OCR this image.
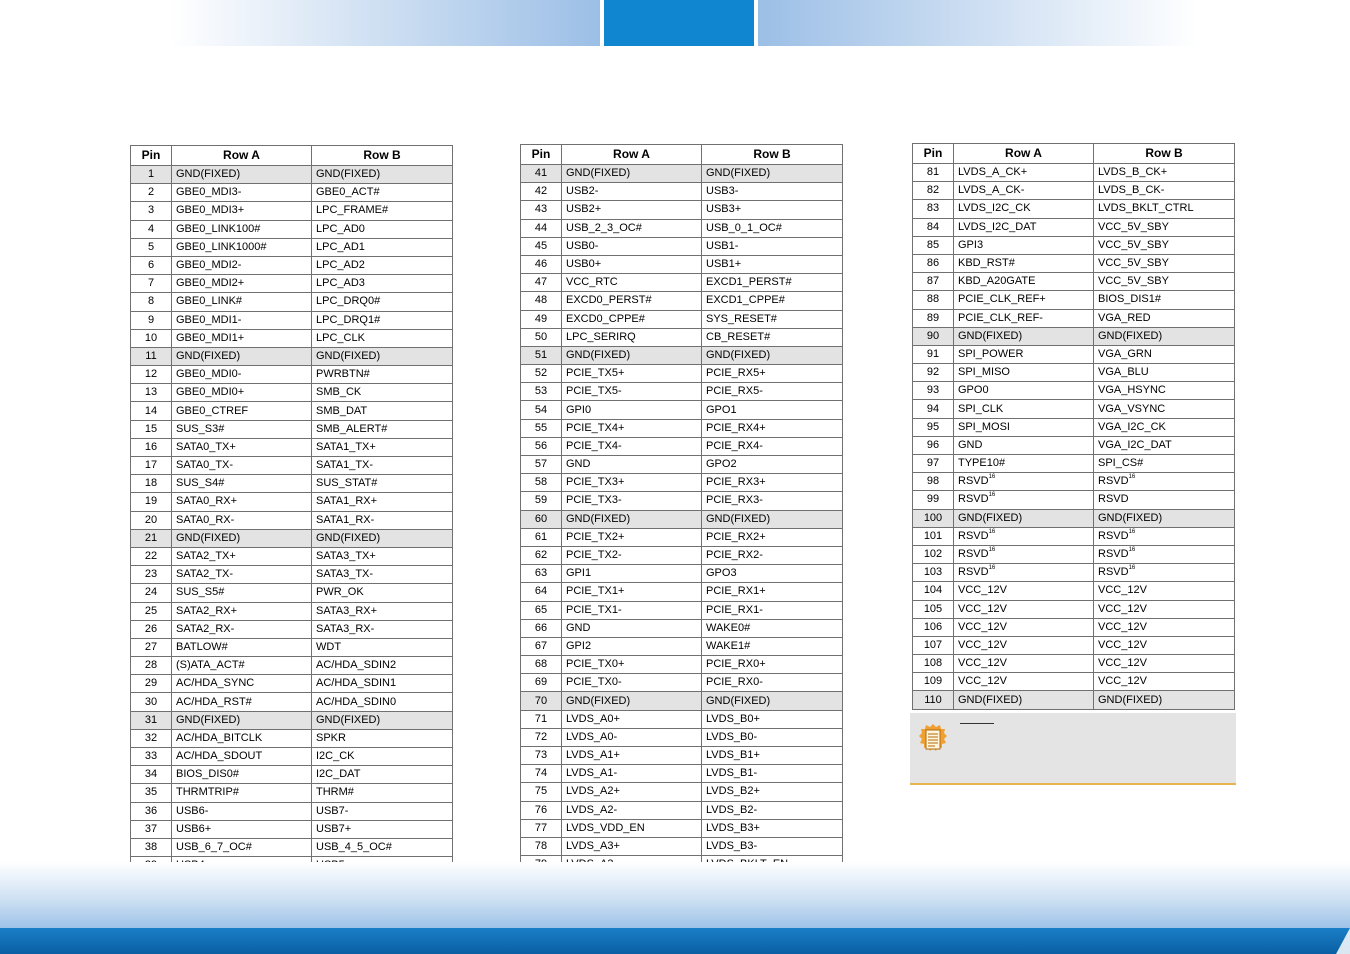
Pin	Row A	Row B
1	GND(FIXED)	GND(FIXED)
2	GBE0_MDI3-	GBE0_ACT#
3	GBE0_MDI3+	LPC_FRAME#
4	GBE0_LINK100#	LPC_AD0
5	GBE0_LINK1000#	LPC_AD1
6	GBE0_MDI2-	LPC_AD2
7	GBE0_MDI2+	LPC_AD3
8	GBE0_LINK#	LPC_DRQ0#
9	GBE0_MDI1-	LPC_DRQ1#
10	GBE0_MDI1+	LPC_CLK
11	GND(FIXED)	GND(FIXED)
12	GBE0_MDI0-	PWRBTN#
13	GBE0_MDI0+	SMB_CK
14	GBE0_CTREF	SMB_DAT
15	SUS_S3#	SMB_ALERT#
16	SATA0_TX+	SATA1_TX+
17	SATA0_TX-	SATA1_TX-
18	SUS_S4#	SUS_STAT#
19	SATA0_RX+	SATA1_RX+
20	SATA0_RX-	SATA1_RX-
21	GND(FIXED)	GND(FIXED)
22	SATA2_TX+	SATA3_TX+
23	SATA2_TX-	SATA3_TX-
24	SUS_S5#	PWR_OK
25	SATA2_RX+	SATA3_RX+
26	SATA2_RX-	SATA3_RX-
27	BATLOW#	WDT
28	(S)ATA_ACT#	AC/HDA_SDIN2
29	AC/HDA_SYNC	AC/HDA_SDIN1
30	AC/HDA_RST#	AC/HDA_SDIN0
31	GND(FIXED)	GND(FIXED)
32	AC/HDA_BITCLK	SPKR
33	AC/HDA_SDOUT	I2C_CK
34	BIOS_DIS0#	I2C_DAT
35	THRMTRIP#	THRM#
36	USB6-	USB7-
37	USB6+	USB7+
38	USB_6_7_OC#	USB_4_5_OC#

Pin	Row A	Row B
41	GND(FIXED)	GND(FIXED)
42	USB2-	USB3-
43	USB2+	USB3+
44	USB_2_3_OC#	USB_0_1_OC#
45	USB0-	USB1-
46	USB0+	USB1+
47	VCC_RTC	EXCD1_PERST#
48	EXCD0_PERST#	EXCD1_CPPE#
49	EXCD0_CPPE#	SYS_RESET#
50	LPC_SERIRQ	CB_RESET#
51	GND(FIXED)	GND(FIXED)
52	PCIE_TX5+	PCIE_RX5+
53	PCIE_TX5-	PCIE_RX5-
54	GPI0	GPO1
55	PCIE_TX4+	PCIE_RX4+
56	PCIE_TX4-	PCIE_RX4-
57	GND	GPO2
58	PCIE_TX3+	PCIE_RX3+
59	PCIE_TX3-	PCIE_RX3-
60	GND(FIXED)	GND(FIXED)
61	PCIE_TX2+	PCIE_RX2+
62	PCIE_TX2-	PCIE_RX2-
63	GPI1	GPO3
64	PCIE_TX1+	PCIE_RX1+
65	PCIE_TX1-	PCIE_RX1-
66	GND	WAKE0#
67	GPI2	WAKE1#
68	PCIE_TX0+	PCIE_RX0+
69	PCIE_TX0-	PCIE_RX0-
70	GND(FIXED)	GND(FIXED)
71	LVDS_A0+	LVDS_B0+
72	LVDS_A0-	LVDS_B0-
73	LVDS_A1+	LVDS_B1+
74	LVDS_A1-	LVDS_B1-
75	LVDS_A2+	LVDS_B2+
76	LVDS_A2-	LVDS_B2-
77	LVDS_VDD_EN	LVDS_B3+
78	LVDS_A3+	LVDS_B3-

Pin	Row A	Row B
81	LVDS_A_CK+	LVDS_B_CK+
82	LVDS_A_CK-	LVDS_B_CK-
83	LVDS_I2C_CK	LVDS_BKLT_CTRL
84	LVDS_I2C_DAT	VCC_5V_SBY
85	GPI3	VCC_5V_SBY
86	KBD_RST#	VCC_5V_SBY
87	KBD_A20GATE	VCC_5V_SBY
88	PCIE_CLK_REF+	BIOS_DIS1#
89	PCIE_CLK_REF-	VGA_RED
90	GND(FIXED)	GND(FIXED)
91	SPI_POWER	VGA_GRN
92	SPI_MISO	VGA_BLU
93	GPO0	VGA_HSYNC
94	SPI_CLK	VGA_VSYNC
95	SPI_MOSI	VGA_I2C_CK
96	GND	VGA_I2C_DAT
97	TYPE10#	SPI_CS#
98	RSVD$^{16}$	RSVD$^{16}$
99	RSVD$^{16}$	RSVD
100	GND(FIXED)	GND(FIXED)
101	RSVD$^{16}$	RSVD$^{16}$
102	RSVD$^{16}$	RSVD$^{16}$
103	RSVD$^{16}$	RSVD$^{16}$
104	VCC_12V	VCC_12V
105	VCC_12V	VCC_12V
106	VCC_12V	VCC_12V
107	VCC_12V	VCC_12V
108	VCC_12V	VCC_12V
109	VCC_12V	VCC_12V
110	GND(FIXED)	GND(FIXED)
